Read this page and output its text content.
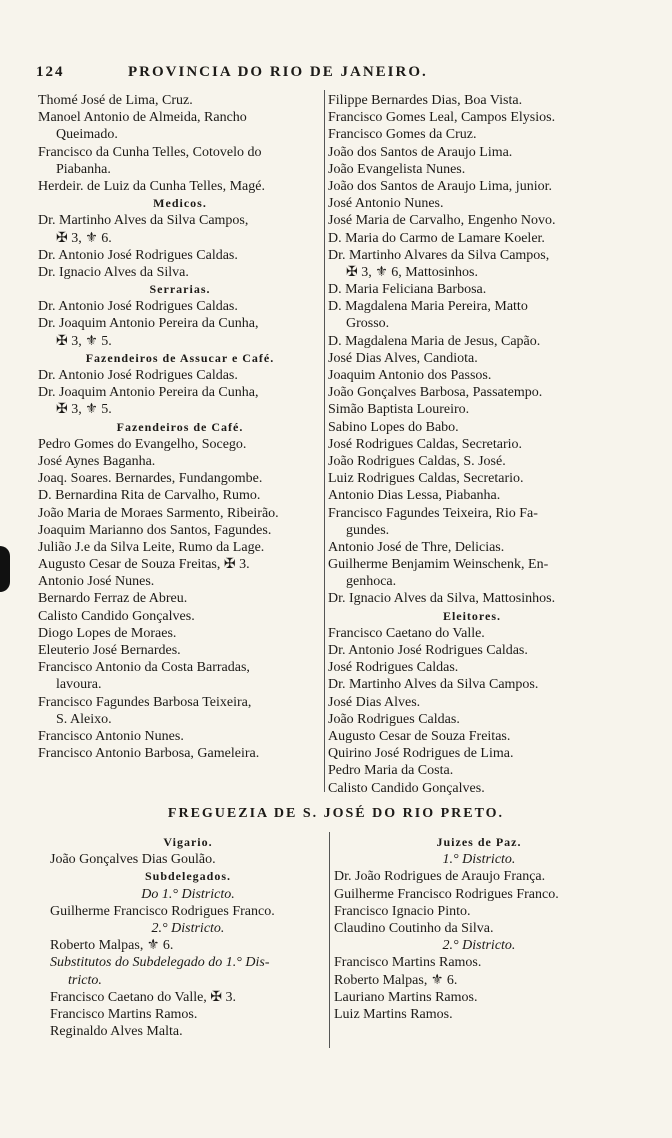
124	PROVINCIA DO RIO DE JANEIRO.
Thomé José de Lima, Cruz.
Manoel Antonio de Almeida, Rancho
Queimado.
Francisco da Cunha Telles, Cotovelo do
Piabanha.
Herdeir. de Luiz da Cunha Telles, Magé.
Medicos.
Dr. Martinho Alves da Silva Campos,
✠ 3, ⚜ 6.
Dr. Antonio José Rodrigues Caldas.
Dr. Ignacio Alves da Silva.
Serrarias.
Dr. Antonio José Rodrigues Caldas.
Dr. Joaquim Antonio Pereira da Cunha,
✠ 3, ⚜ 5.
Fazendeiros de Assucar e Café.
Dr. Antonio José Rodrigues Caldas.
Dr. Joaquim Antonio Pereira da Cunha,
✠ 3, ⚜ 5.
Fazendeiros de Café.
Pedro Gomes do Evangelho, Socego.
José Aynes Baganha.
Joaq. Soares. Bernardes, Fundangombe.
D. Bernardina Rita de Carvalho, Rumo.
João Maria de Moraes Sarmento, Ribeirão.
Joaquim Marianno dos Santos, Fagundes.
Julião J.e da Silva Leite, Rumo da Lage.
Augusto Cesar de Souza Freitas, ✠ 3.
Antonio José Nunes.
Bernardo Ferraz de Abreu.
Calisto Candido Gonçalves.
Diogo Lopes de Moraes.
Eleuterio José Bernardes.
Francisco Antonio da Costa Barradas,
lavoura.
Francisco Fagundes Barbosa Teixeira,
S. Aleixo.
Francisco Antonio Nunes.
Francisco Antonio Barbosa, Gameleira.
Filippe Bernardes Dias, Boa Vista.
Francisco Gomes Leal, Campos Elysios.
Francisco Gomes da Cruz.
João dos Santos de Araujo Lima.
João Evangelista Nunes.
João dos Santos de Araujo Lima, junior.
José Antonio Nunes.
José Maria de Carvalho, Engenho Novo.
D. Maria do Carmo de Lamare Koeler.
Dr. Martinho Alvares da Silva Campos,
✠ 3, ⚜ 6, Mattosinhos.
D. Maria Feliciana Barbosa.
D. Magdalena Maria Pereira, Matto
Grosso.
D. Magdalena Maria de Jesus, Capão.
José Dias Alves, Candiota.
Joaquim Antonio dos Passos.
João Gonçalves Barbosa, Passatempo.
Simão Baptista Loureiro.
Sabino Lopes do Babo.
José Rodrigues Caldas, Secretario.
João Rodrigues Caldas, S. José.
Luiz Rodrigues Caldas, Secretario.
Antonio Dias Lessa, Piabanha.
Francisco Fagundes Teixeira, Rio Fa-
gundes.
Antonio José de Thre, Delicias.
Guilherme Benjamim Weinschenk, En-
genhoca.
Dr. Ignacio Alves da Silva, Mattosinhos.
Eleitores.
Francisco Caetano do Valle.
Dr. Antonio José Rodrigues Caldas.
José Rodrigues Caldas.
Dr. Martinho Alves da Silva Campos.
José Dias Alves.
João Rodrigues Caldas.
Augusto Cesar de Souza Freitas.
Quirino José Rodrigues de Lima.
Pedro Maria da Costa.
Calisto Candido Gonçalves.
FREGUEZIA DE S. JOSÉ DO RIO PRETO.
Vigario.
João Gonçalves Dias Goulão.
Subdelegados.
Do 1.° Districto.
Guilherme Francisco Rodrigues Franco.
2.° Districto.
Roberto Malpas, ⚜ 6.
Substitutos do Subdelegado do 1.° Dis-
tricto.
Francisco Caetano do Valle, ✠ 3.
Francisco Martins Ramos.
Reginaldo Alves Malta.
Juizes de Paz.
1.° Districto.
Dr. João Rodrigues de Araujo França.
Guilherme Francisco Rodrigues Franco.
Francisco Ignacio Pinto.
Claudino Coutinho da Silva.
2.° Districto.
Francisco Martins Ramos.
Roberto Malpas, ⚜ 6.
Lauriano Martins Ramos.
Luiz Martins Ramos.
